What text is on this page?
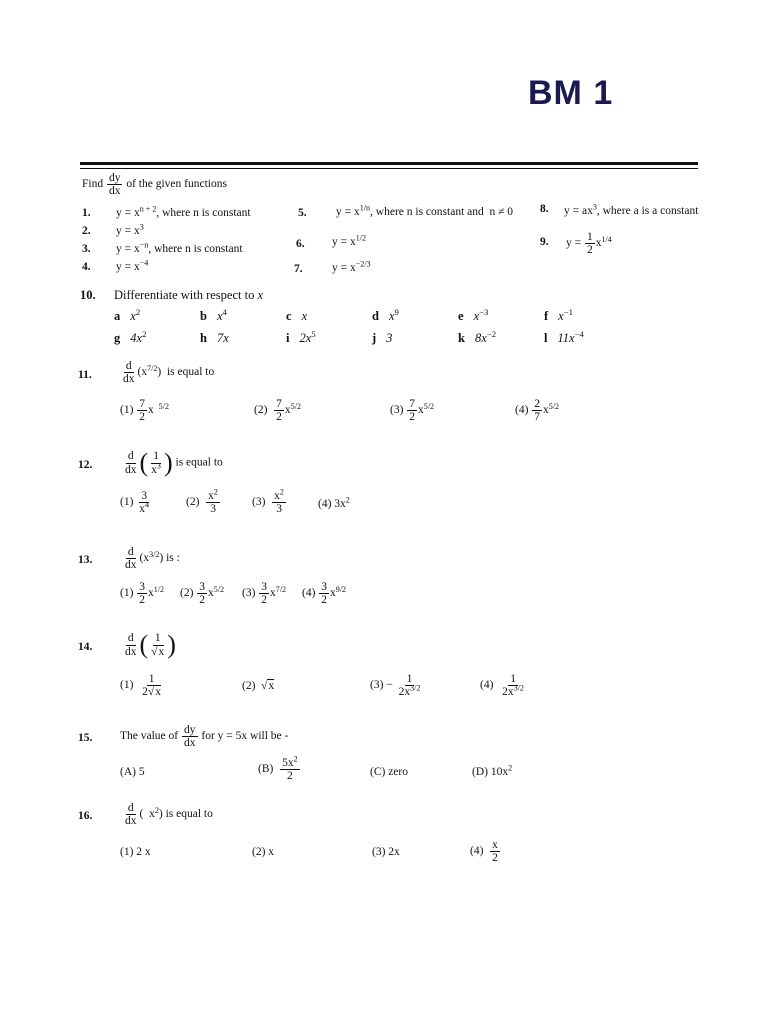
BM 1
Find $\frac{dy}{dx}$ of the given functions
1. $y = x^{n + 2}$, where n is constant
2. $y = x^3$
3. $y = x^{-n}$, where n is constant
4. $y = x^{-4}$
5.	$y = x^{1/n}$, where n is constant and n ≠ 0
6. $y = x^{1/2}$
7.	$y = x^{-2/3}$
8. $y = ax^3$, where a is a constant
9. $y = \frac{1}{2} x^{1/4}$
10. Differentiate with respect to x
a $x^2$	b $x^4$	c x	d $x^9$	e $x^{-3}$	f $x^{-1}$
g $4x^2$	h 7x	i $2x^5$	j 3	k $8x^{-2}$	l $11x^{-4}$
11.	$\frac{d}{dx} (x^{7/2})$  is equal to
$(1) \frac{7}{2}$ x  $^{5/2}$	$(2) \frac{7}{2} x^{5/2}$	$(3) \frac{7}{2} x^{5/2}$	$(4) \frac{2}{7} x^{5/2}$
12.	$\frac{d}{dx}$ ( $\frac{1}{x^3}$ ) is equal to
$(1) \frac{3}{x^4}$	$(2) \frac{x^2}{3}$	$(3) \frac{x^2}{3}$	(4) $3x^2$
13.	$\frac{d}{dx} (x^{3/2})$ is :
$(1) \frac{3}{2} x^{1/2}$ $(2) \frac{3}{2} x^{5/2}$ $(3) \frac{3}{2} x^{7/2}$ $(4) \frac{3}{2} x^{9/2}$
14.	$\frac{d}{dx}$ ( $\frac{1}{√x}$ )
$(1) \frac{1}{2√x}$	(2)  √x	$(3) - \frac{1}{2x^{3/2}}$	$(4) \frac{1}{2x^{3/2}}$
15. The value of $\frac{dy}{dx}$ for y = 5x will be -
(A) 5	$(B) \frac{5x^2}{2}$	(C) zero	(D) $10x^2$
16.	$\frac{d}{dx}$ (  $x^2$) is equal to
(1) 2 x	(2) x	(3) 2x	$(4) \frac{x}{2}$
